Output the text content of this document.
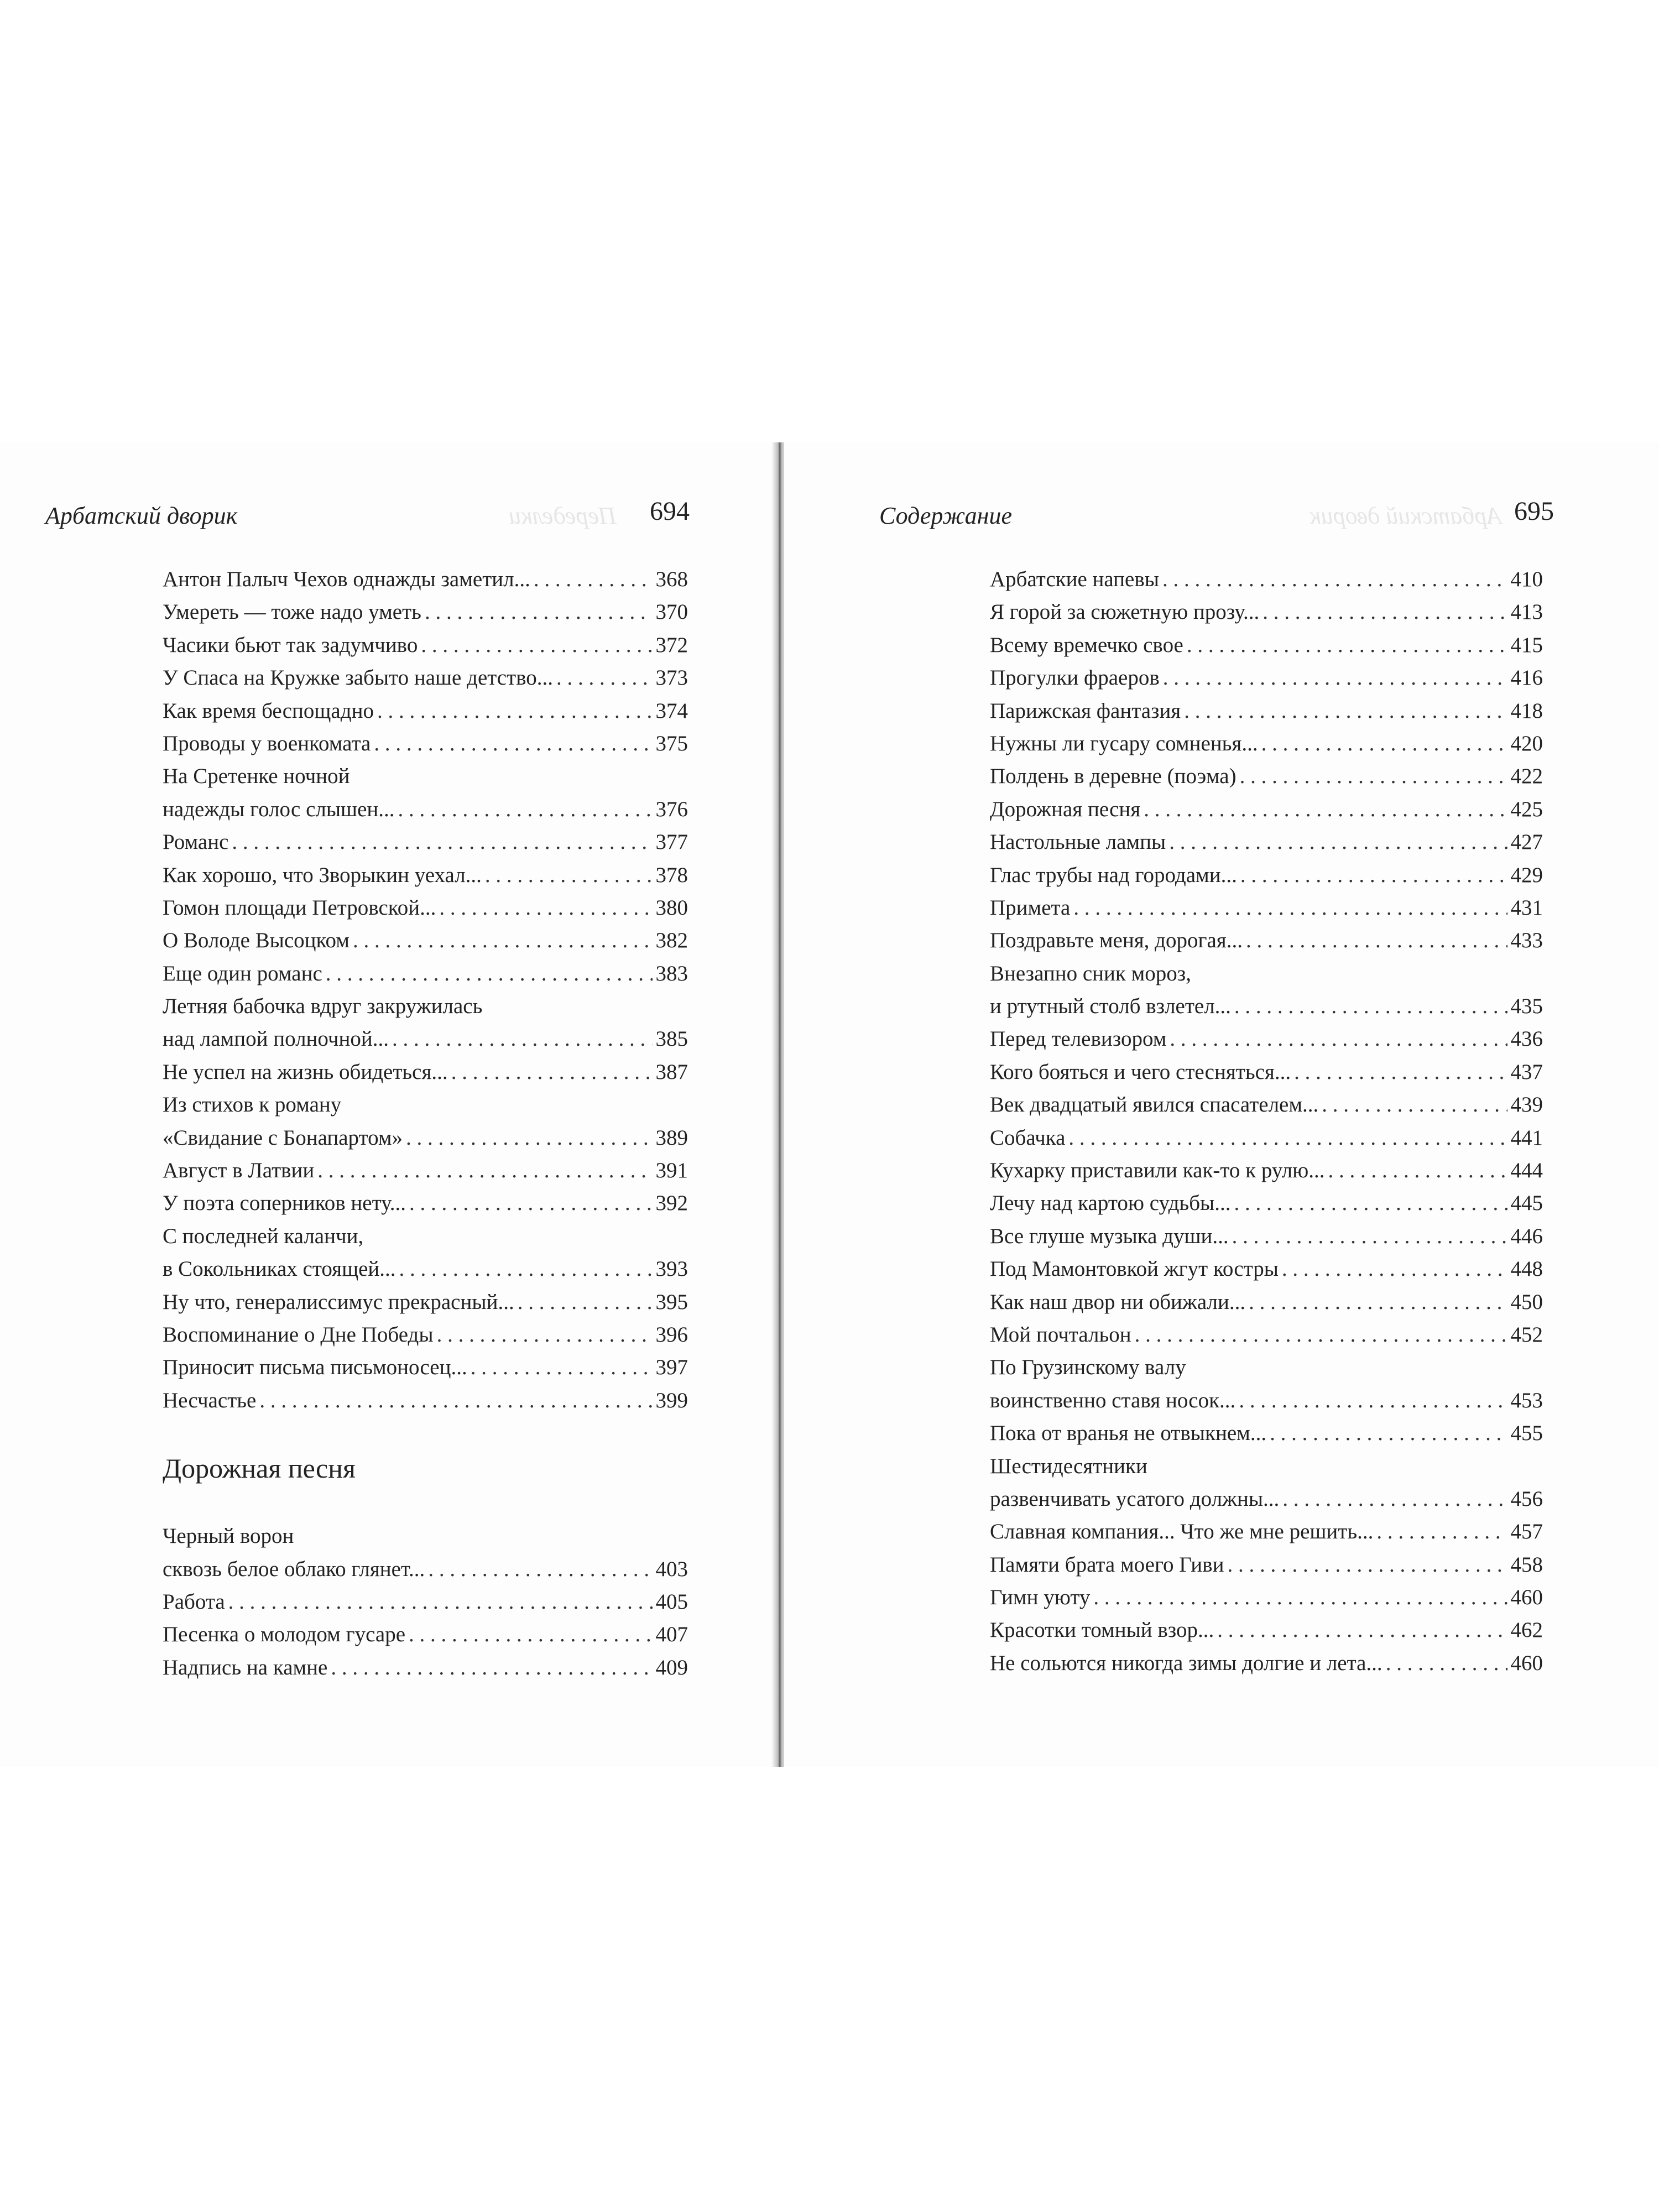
Арбатский дворик	Переделки 694
Антон Палыч Чехов однажды заметил... . . .	368
Умереть — тоже надо уметь . . .	370
Часики бьют так задумчиво . . .	372
У Спаса на Кружке забыто наше детство... . . .	373
Как время беспощадно . . .	374
Проводы у военкомата . . .	375
На Сретенке ночной
надежды голос слышен... . . .	376
Романс . . .	377
Как хорошо, что Зворыкин уехал... . . .	378
Гомон площади Петровской... . . .	380
О Володе Высоцком . . .	382
Еще один романс . . .	383
Летняя бабочка вдруг закружилась
над лампой полночной... . . .	385
Не успел на жизнь обидеться... . . .	387
Из стихов к роману
«Свидание с Бонапартом» . . .	389
Август в Латвии . . .	391
У поэта соперников нету... . . .	392
С последней каланчи,
в Сокольниках стоящей... . . .	393
Ну что, генералиссимус прекрасный... . . .	395
Воспоминание о Дне Победы . . .	396
Приносит письма письмоносец... . . .	397
Несчастье . . .	399
Дорожная песня
Черный ворон
сквозь белое облако глянет... . . .	403
Работа . . .	405
Песенка о молодом гусаре . . .	407
Надпись на камне . . .	409
Содержание	Арбатский дворик 695
Арбатские напевы . . .	410
Я горой за сюжетную прозу... . . .	413
Всему времечко свое . . .	415
Прогулки фраеров . . .	416
Парижская фантазия . . .	418
Нужны ли гусару сомненья... . . .	420
Полдень в деревне (поэма) . . .	422
Дорожная песня . . .	425
Настольные лампы . . .	427
Глас трубы над городами... . . .	429
Примета . . .	431
Поздравьте меня, дорогая... . . .	433
Внезапно сник мороз,
и ртутный столб взлетел... . . .	435
Перед телевизором . . .	436
Кого бояться и чего стесняться... . . .	437
Век двадцатый явился спасателем... . . .	439
Собачка . . .	441
Кухарку приставили как-то к рулю... . . .	444
Лечу над картою судьбы... . . .	445
Все глуше музыка души... . . .	446
Под Мамонтовкой жгут костры . . .	448
Как наш двор ни обижали... . . .	450
Мой почтальон . . .	452
По Грузинскому валу
воинственно ставя носок... . . .	453
Пока от вранья не отвыкнем... . . .	455
Шестидесятники
развенчивать усатого должны... . . .	456
Славная компания... Что же мне решить... . . .	457
Памяти брата моего Гиви . . .	458
Гимн уюту . . .	460
Красотки томный взор... . . .	462
Не сольются никогда зимы долгие и лета... . . .	460
